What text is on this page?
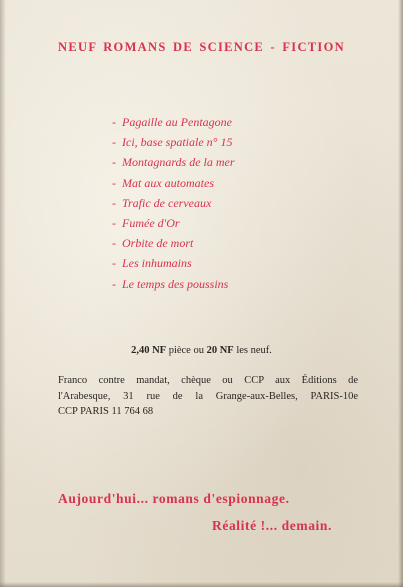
NEUF ROMANS DE SCIENCE - FICTION
- Pagaille au Pentagone
- Ici, base spatiale n° 15
- Montagnards de la mer
- Mat aux automates
- Trafic de cerveaux
- Fumée d'Or
- Orbite de mort
- Les inhumains
- Le temps des poussins
2,40 NF pièce ou 20 NF les neuf.
Franco contre mandat, chèque ou CCP aux Éditions de
l'Arabesque, 31 rue de la Grange-aux-Belles, PARIS-10e
CCP PARIS 11 764 68
Aujourd'hui... romans d'espionnage.
Réalité !... demain.
